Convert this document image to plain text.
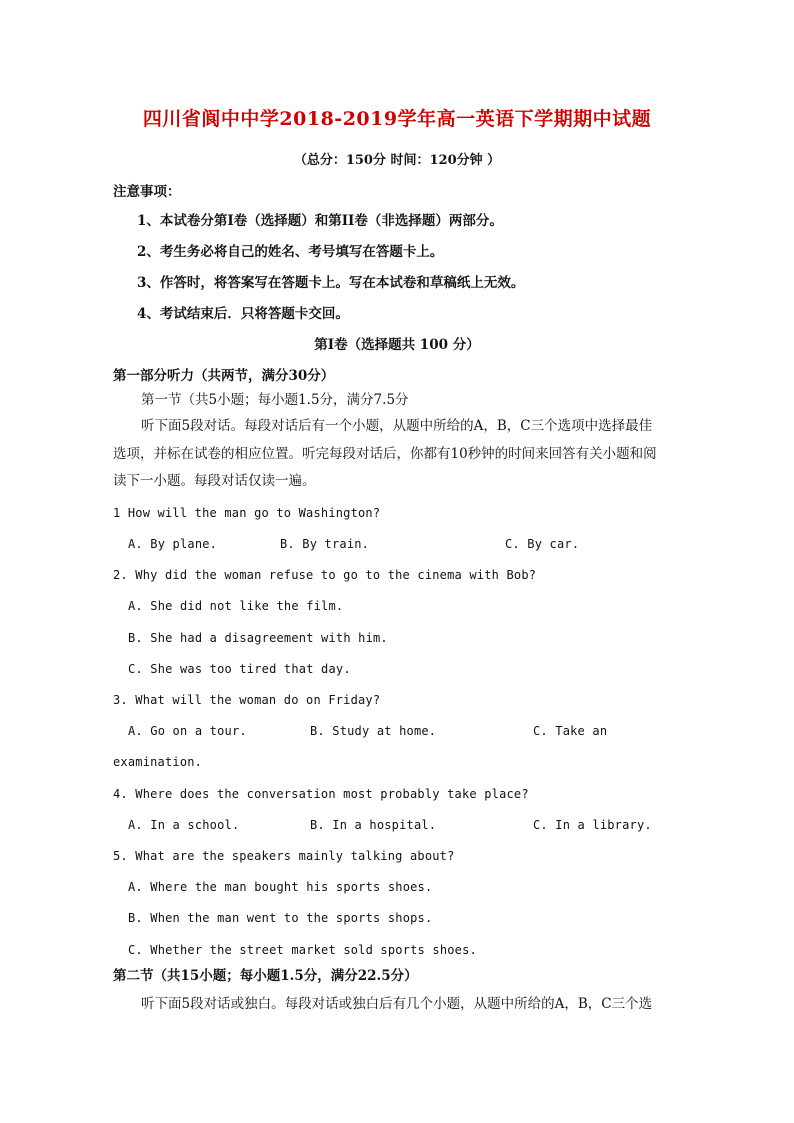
四川省阆中中学2018-2019学年高一英语下学期期中试题
（总分：150分 时间：120分钟 ）
注意事项：
1、本试卷分第Ⅰ卷（选择题）和第II卷（非选择题）两部分。
2、考生务必将自己的姓名、考号填写在答题卡上。
3、作答时，将答案写在答题卡上。写在本试卷和草稿纸上无效。
4、考试结束后．只将答题卡交回。
第Ⅰ卷（选择题共 100 分）
第一部分听力（共两节，满分30分）
第一节（共5小题；每小题1.5分，满分7.5分
听下面5段对话。每段对话后有一个小题，从题中所给的A，B，C三个选项中选择最佳
选项，并标在试卷的相应位置。听完每段对话后，你都有10秒钟的时间来回答有关小题和阅
读下一小题。每段对话仅读一遍。
1 How will the man go to Washington?
A. By plane.	B. By train.	C. By car.
2. Why did the woman refuse to go to the cinema with Bob?
A. She did not like the film.
B. She had a disagreement with him.
C. She was too tired that day.
3. What will the woman do on Friday?
A. Go on a tour.	B. Study at home.	C. Take an
examination.
4. Where does the conversation most probably take place?
A. In a school.	B. In a hospital.	C. In a library.
5. What are the speakers mainly talking about?
A. Where the man bought his sports shoes.
B. When the man went to the sports shops.
C. Whether the street market sold sports shoes.
第二节（共15小题；每小题1.5分，满分22.5分）
听下面5段对话或独白。每段对话或独白后有几个小题，从题中所给的A，B，C三个选
